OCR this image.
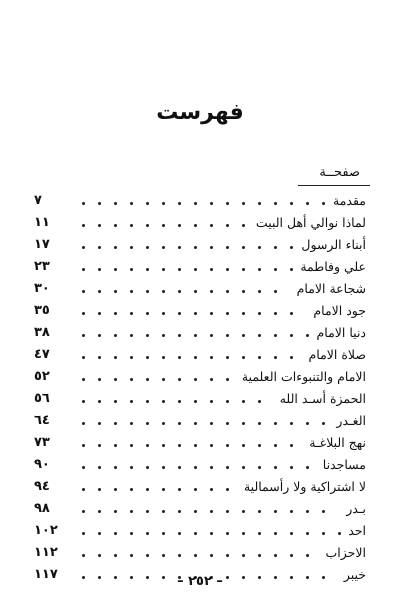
فهرست
صفحــة
مقدمة
٧
لماذا نوالي أهل البيت
١١
أبناء الرسول
١٧
علي وفاطمة
٢٣
شجاعة الامام
٣٠
جود الامام
٣٥
دنيا الامام
٣٨
صلاة الامام
٤٧
الامام والتنبوءات العلمية
٥٢
الحمزة أسـد الله
٥٦
الغـدر
٦٤
نهج البلاغـة
٧٣
مساجدنا
٩٠
لا اشتراكية ولا رأسمالية
٩٤
بـدر
٩٨
احد
١٠٢
الاحزاب
١١٢
خيبر
١١٧	– ٢٥٢ –
